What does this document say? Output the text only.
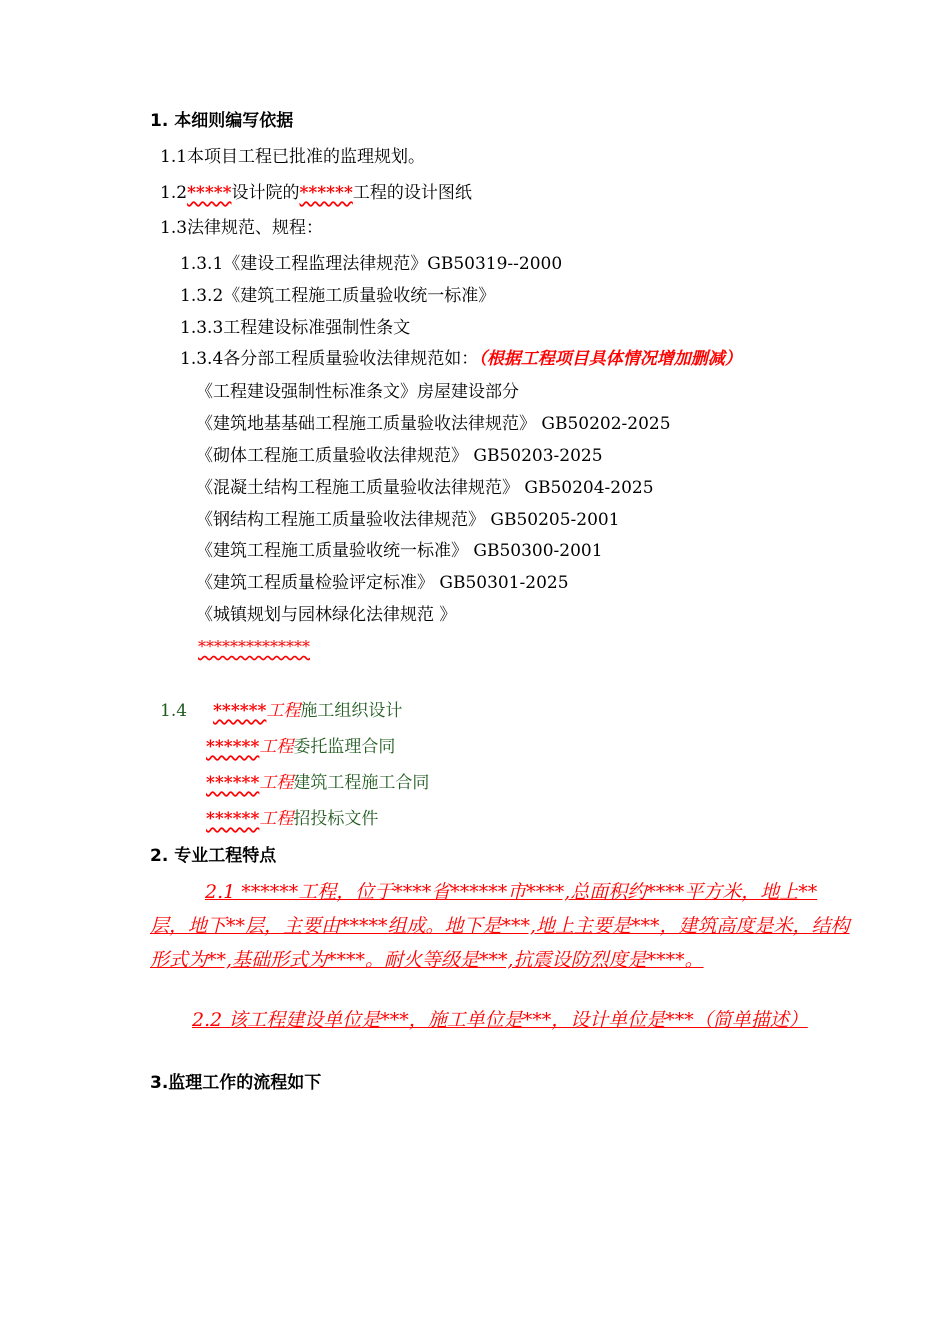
1. 本细则编写依据
1.1本项目工程已批准的监理规划。
1.2*****设计院的******工程的设计图纸
1.3法律规范、规程：
1.3.1《建设工程监理法律规范》GB50319--2000
1.3.2《建筑工程施工质量验收统一标准》
1.3.3工程建设标准强制性条文
1.3.4各分部工程质量验收法律规范如：（根据工程项目具体情况增加删减）
《工程建设强制性标准条文》房屋建设部分
《建筑地基基础工程施工质量验收法律规范》 GB50202-2025
《砌体工程施工质量验收法律规范》 GB50203-2025
《混凝土结构工程施工质量验收法律规范》 GB50204-2025
《钢结构工程施工质量验收法律规范》 GB50205-2001
《建筑工程施工质量验收统一标准》 GB50300-2001
《建筑工程质量检验评定标准》 GB50301-2025
《城镇规划与园林绿化法律规范 》
**************
1.4 ******工程施工组织设计
******工程委托监理合同
******工程建筑工程施工合同
******工程招投标文件
2. 专业工程特点
2.1 ******工程，位于****省******市****,总面积约****平方米，地上**层，地下**层，主要由*****组成。地下是***,地上主要是***，建筑高度是米，结构形式为**,基础形式为****。耐火等级是***,抗震设防烈度是****。
2.2 该工程建设单位是***，施工单位是***，设计单位是***（简单描述）
3.监理工作的流程如下
